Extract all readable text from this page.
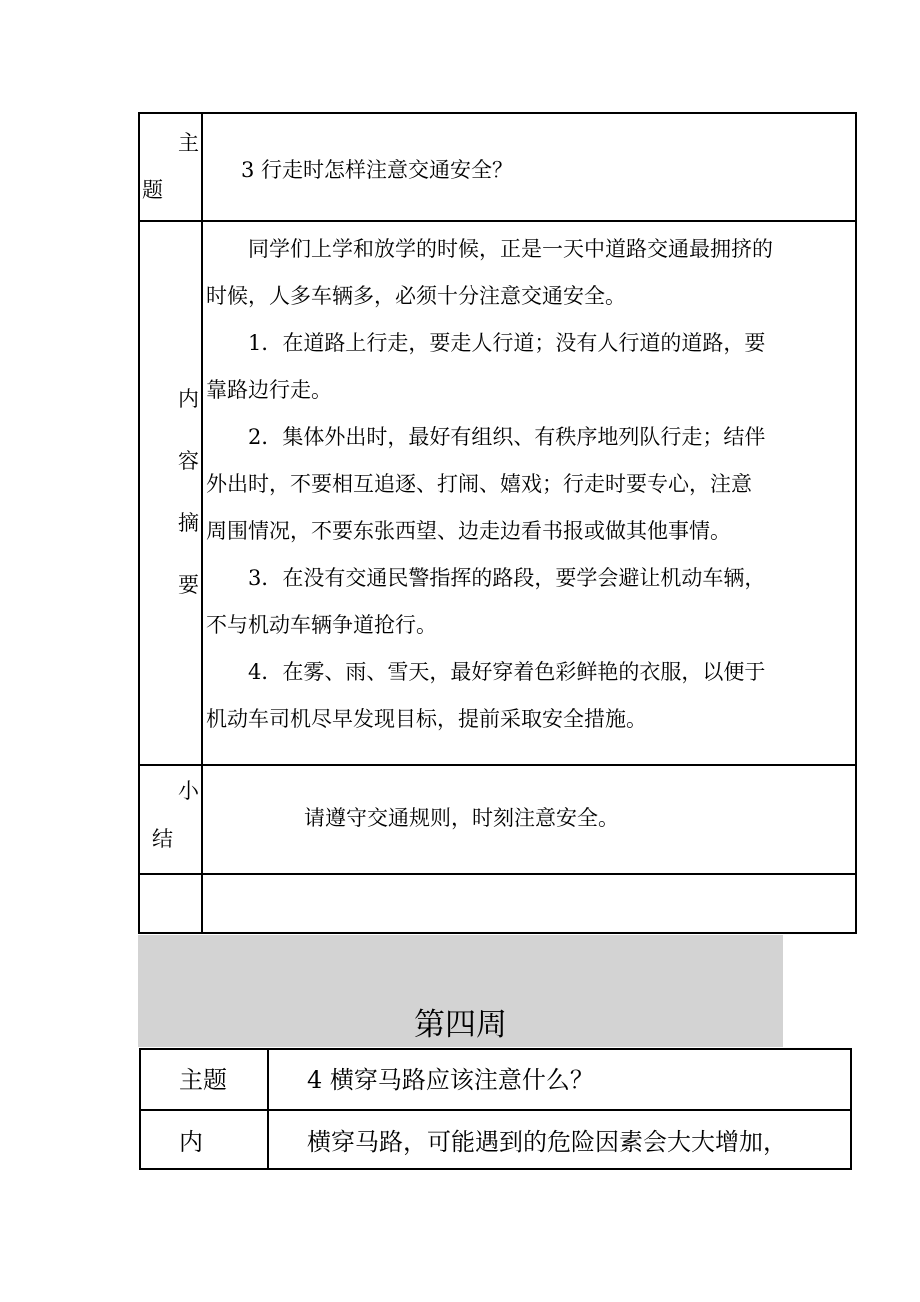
主
题
3 行走时怎样注意交通安全？
内
容
摘
要
　　同学们上学和放学的时候，正是一天中道路交通最拥挤的
时候，人多车辆多，必须十分注意交通安全。
　　1．在道路上行走，要走人行道；没有人行道的道路，要
靠路边行走。
　　2．集体外出时，最好有组织、有秩序地列队行走；结伴
外出时，不要相互追逐、打闹、嬉戏；行走时要专心，注意
周围情况，不要东张西望、边走边看书报或做其他事情。
　　3．在没有交通民警指挥的路段，要学会避让机动车辆，
不与机动车辆争道抢行。
　　4．在雾、雨、雪天，最好穿着色彩鲜艳的衣服，以便于
机动车司机尽早发现目标，提前采取安全措施。
小
结
请遵守交通规则，时刻注意安全。
第四周
主题	4 横穿马路应该注意什么？
内	横穿马路，可能遇到的危险因素会大大增加，
